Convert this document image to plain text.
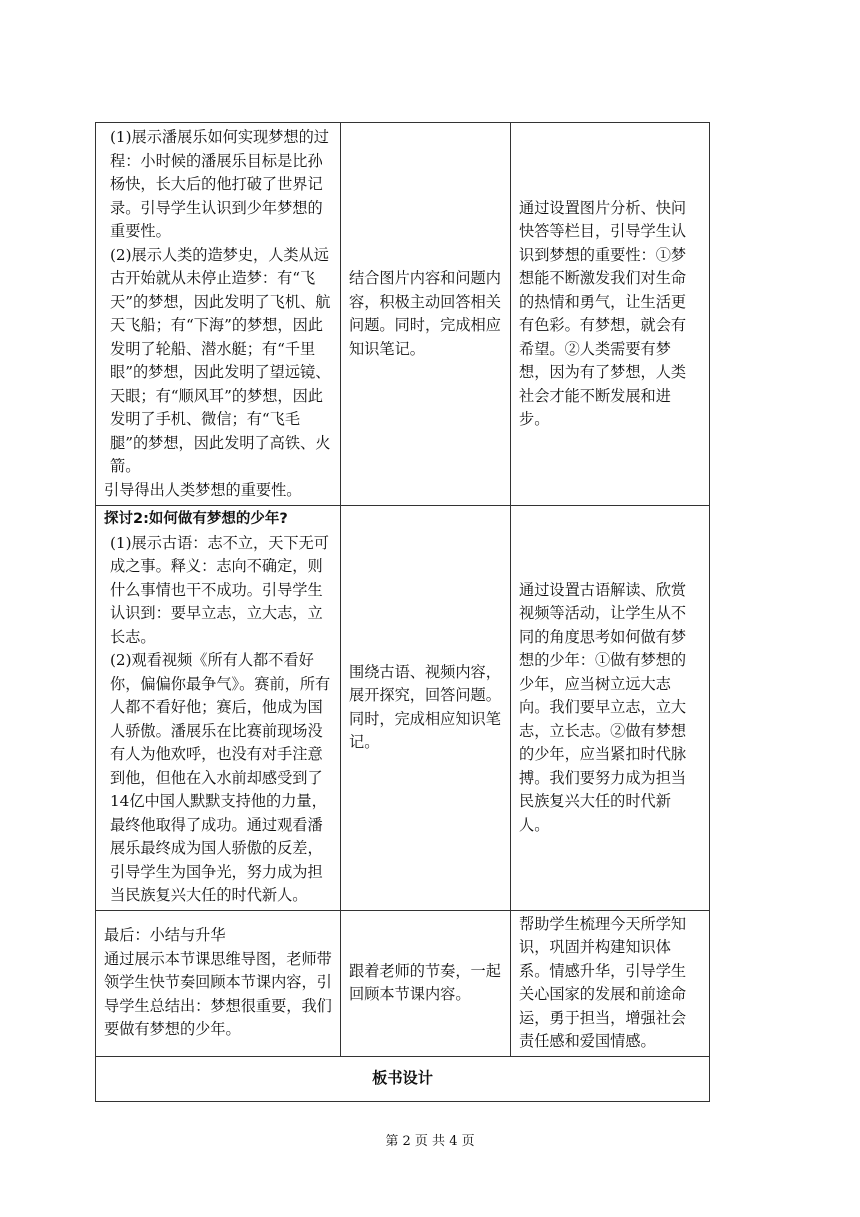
(1)展示潘展乐如何实现梦想的过程：小时候的潘展乐目标是比孙杨快，长大后的他打破了世界记录。引导学生认识到少年梦想的重要性。

(2)展示人类的造梦史，人类从远古开始就从未停止造梦：有“飞天”的梦想，因此发明了飞机、航天飞船；有“下海”的梦想，因此发明了轮船、潜水艇；有“千里眼”的梦想，因此发明了望远镜、天眼；有“顺风耳”的梦想，因此发明了手机、微信；有“飞毛腿”的梦想，因此发明了高铁、火箭。

引导得出人类梦想的重要性。	结合图片内容和问题内容，积极主动回答相关问题。同时，完成相应知识笔记。	通过设置图片分析、快问快答等栏目，引导学生认识到梦想的重要性：①梦想能不断激发我们对生命的热情和勇气，让生活更有色彩。有梦想，就会有希望。②人类需要有梦想，因为有了梦想，人类社会才能不断发展和进步。

探讨2:如何做有梦想的少年?

(1)展示古语：志不立，天下无可成之事。释义：志向不确定，则什么事情也干不成功。引导学生认识到：要早立志，立大志，立长志。

(2)观看视频《所有人都不看好你，偏偏你最争气》。赛前，所有人都不看好他；赛后，他成为国人骄傲。潘展乐在比赛前现场没有人为他欢呼，也没有对手注意到他，但他在入水前却感受到了14亿中国人默默支持他的力量，最终他取得了成功。通过观看潘展乐最终成为国人骄傲的反差，引导学生为国争光，努力成为担当民族复兴大任的时代新人。	围绕古语、视频内容，展开探究，回答问题。同时，完成相应知识笔记。	通过设置古语解读、欣赏视频等活动，让学生从不同的角度思考如何做有梦想的少年：①做有梦想的少年，应当树立远大志向。我们要早立志，立大志，立长志。②做有梦想的少年，应当紧扣时代脉搏。我们要努力成为担当民族复兴大任的时代新人。

最后：小结与升华

通过展示本节课思维导图，老师带领学生快节奏回顾本节课内容，引导学生总结出：梦想很重要，我们要做有梦想的少年。	跟着老师的节奏，一起回顾本节课内容。	帮助学生梳理今天所学知识，巩固并构建知识体系。情感升华，引导学生关心国家的发展和前途命运，勇于担当，增强社会责任感和爱国情感。
板书设计		
第 2 页 共 4 页
